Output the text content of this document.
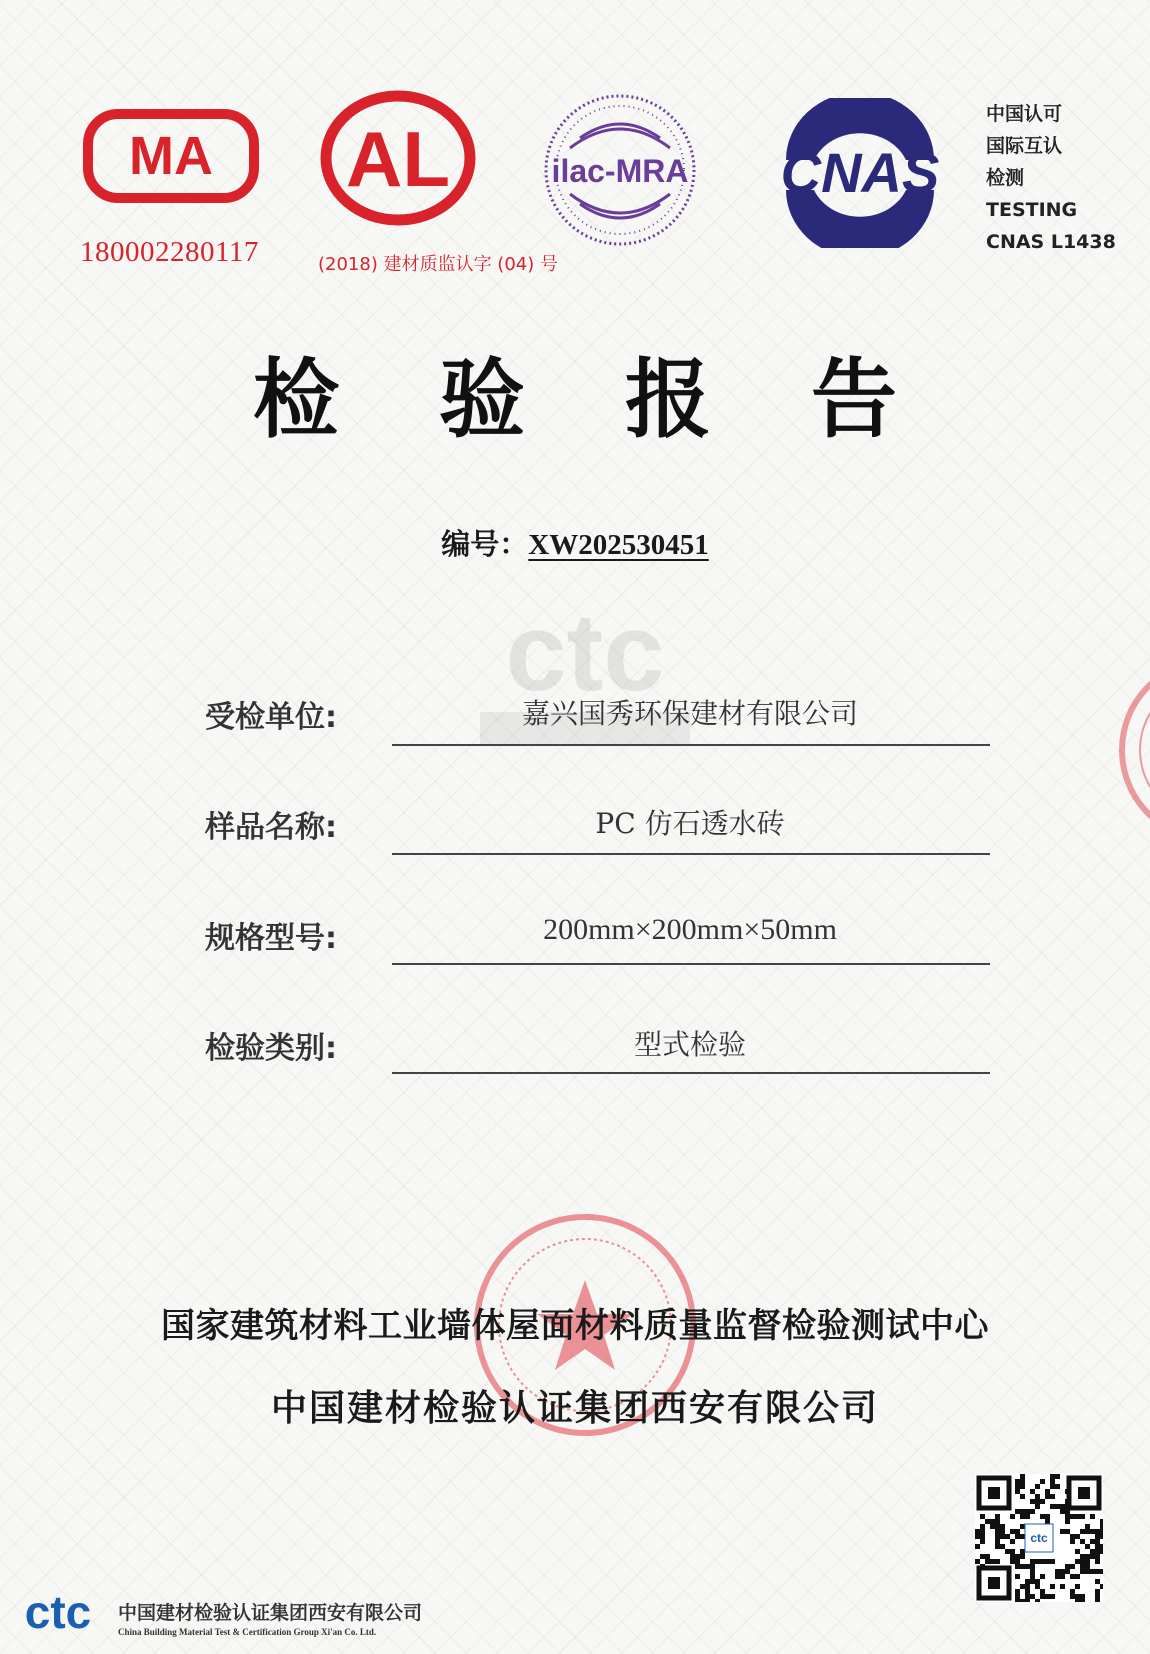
MA
180002280117
AL
(2018) 建材质监认字 (04) 号
ilac-MRA CNAS
中国认可
国际互认
检测
TESTING
CNAS L1438
检验报告
编号：XW202530451
ctc
受检单位:	嘉兴国秀环保建材有限公司
样品名称:	PC 仿石透水砖
规格型号:	200mm×200mm×50mm
检验类别:	型式检验
国家建筑材料工业墙体屋面材料质量监督检验测试中心
中国建材检验认证集团西安有限公司
ctc
ctc 中国建材检验认证集团西安有限公司
China Building Material Test & Certification Group Xi'an Co. Ltd.
